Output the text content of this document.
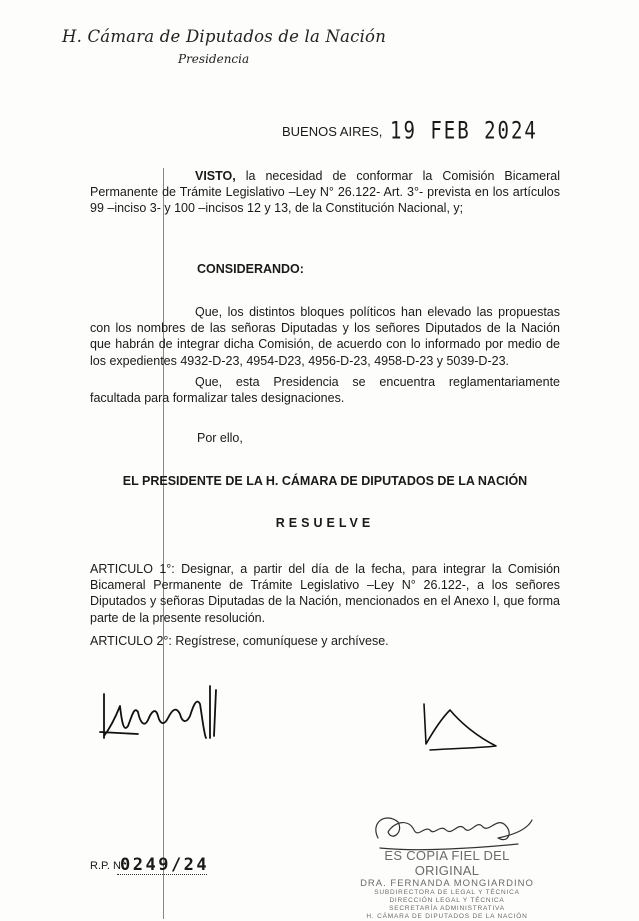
H. Cámara de Diputados de la Nación
Presidencia
BUENOS AIRES, 19 FEB 2024
VISTO, la necesidad de conformar la Comisión Bicameral Permanente de Trámite Legislativo –Ley N° 26.122- Art. 3°- prevista en los artículos 99 –inciso 3- y 100 –incisos 12 y 13, de la Constitución Nacional, y;
CONSIDERANDO:
Que, los distintos bloques políticos han elevado las propuestas con los nombres de las señoras Diputadas y los señores Diputados de la Nación que habrán de integrar dicha Comisión, de acuerdo con lo informado por medio de los expedientes 4932-D-23, 4954-D23, 4956-D-23, 4958-D-23 y 5039-D-23.
Que, esta Presidencia se encuentra reglamentariamente facultada para formalizar tales designaciones.
Por ello,
EL PRESIDENTE DE LA H. CÁMARA DE DIPUTADOS DE LA NACIÓN
RESUELVE
ARTICULO 1°: Designar, a partir del día de la fecha, para integrar la Comisión Bicameral Permanente de Trámite Legislativo –Ley N° 26.122-, a los señores Diputados y señoras Diputadas de la Nación, mencionados en el Anexo I, que forma parte de la presente resolución.
ARTICULO 2°: Regístrese, comuníquese y archívese.
R.P. N°
0249/24	ES COPIA FIEL DEL ORIGINAL
DRA. FERNANDA MONGIARDINO
SUBDIRECTORA DE LEGAL Y TÉCNICA
DIRECCIÓN LEGAL Y TÉCNICA
SECRETARÍA ADMINISTRATIVA
H. CÁMARA DE DIPUTADOS DE LA NACIÓN
